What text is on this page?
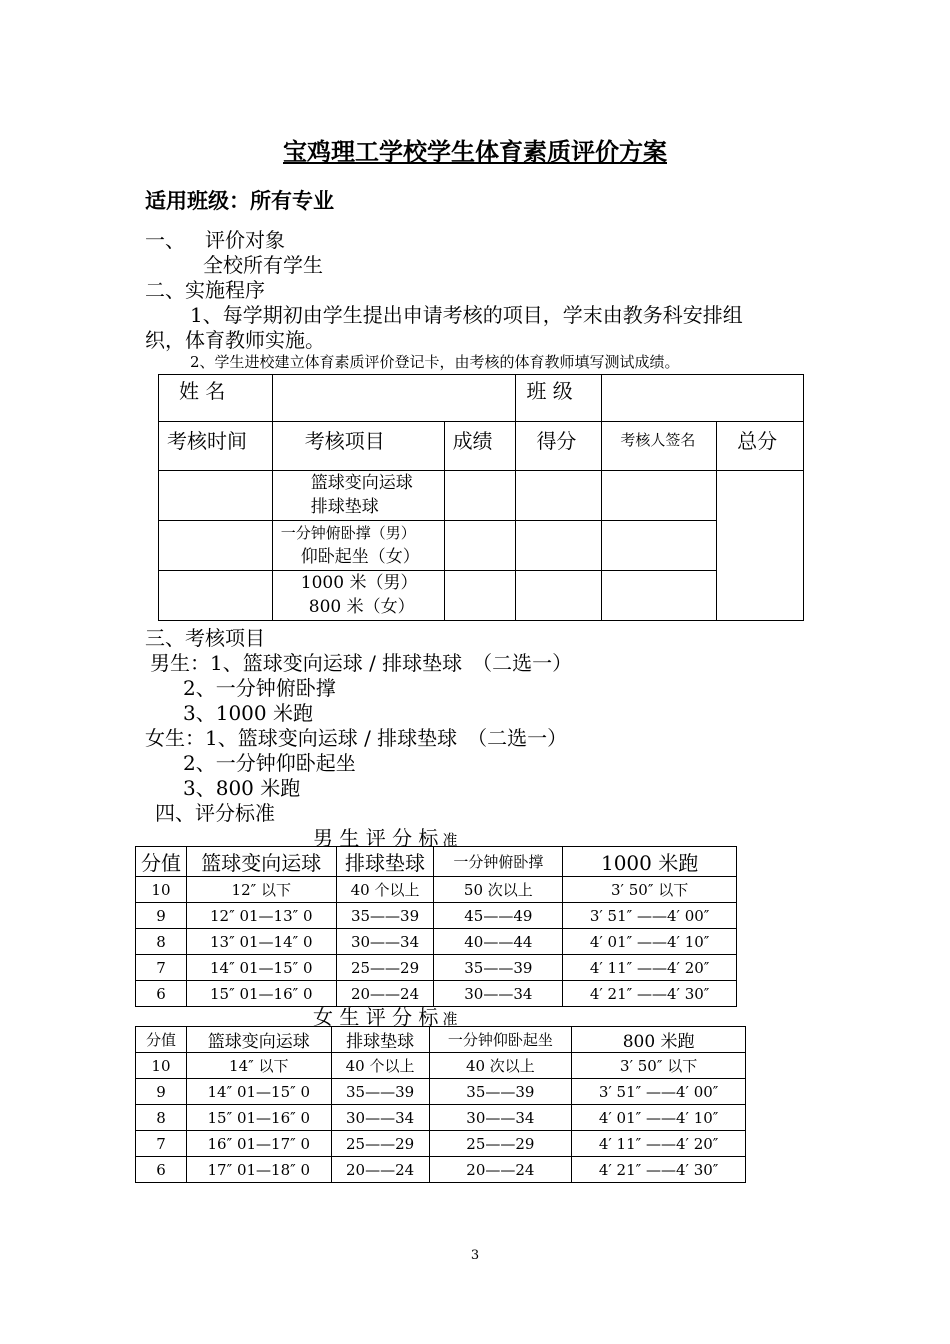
宝鸡理工学校学生体育素质评价方案
适用班级：所有专业
一、 评价对象
全校所有学生
二、实施程序
1、每学期初由学生提出申请考核的项目，学末由教务科安排组
织，体育教师实施。
2、学生进校建立体育素质评价登记卡，由考核的体育教师填写测试成绩。
姓 名			班 级		
考核时间	考核项目	成绩	得分	考核人签名	总分

	篮球变向运球
排球垫球				

	一分钟俯卧撑（男）
仰卧起坐（女）				

	1000 米（男）
800 米（女）				

三、考核项目
男生：1、篮球变向运球 / 排球垫球　（二选一）
2、一分钟俯卧撑
3、1000 米跑
女生：1、篮球变向运球 / 排球垫球　（二选一）
2、一分钟仰卧起坐
3、800 米跑
四、评分标准
男 生 评 分 标 准
分值	篮球变向运球	排球垫球	一分钟俯卧撑	1000 米跑
10	12″ 以下	40 个以上	50 次以上	3′ 50″ 以下
9	12″ 01—13″ 0	35——39	45——49	3′ 51″ ——4′ 00″
8	13″ 01—14″ 0	30——34	40——44	4′ 01″ ——4′ 10″
7	14″ 01—15″ 0	25——29	35——39	4′ 11″ ——4′ 20″
6	15″ 01—16″ 0	20——24	30——34	4′ 21″ ——4′ 30″
女 生 评 分 标 准
分值	篮球变向运球	排球垫球	一分钟仰卧起坐	800 米跑
10	14″ 以下	40 个以上	40 次以上	3′ 50″ 以下
9	14″ 01—15″ 0	35——39	35——39	3′ 51″ ——4′ 00″
8	15″ 01—16″ 0	30——34	30——34	4′ 01″ ——4′ 10″
7	16″ 01—17″ 0	25——29	25——29	4′ 11″ ——4′ 20″
6	17″ 01—18″ 0	20——24	20——24	4′ 21″ ——4′ 30″
3
